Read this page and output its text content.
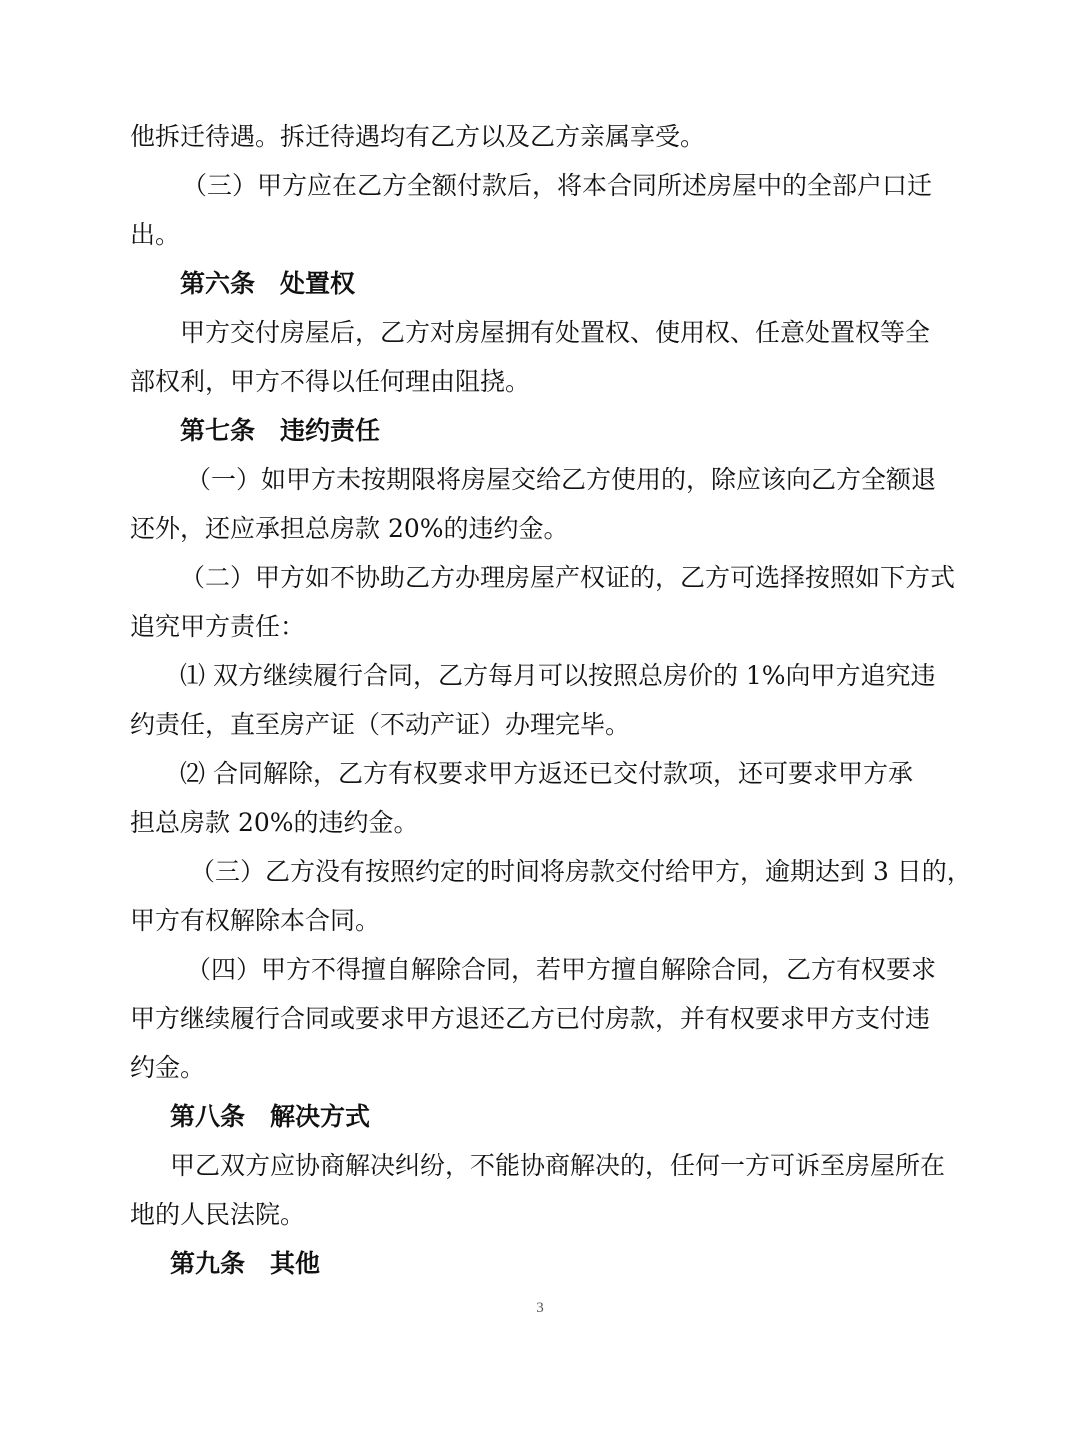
他拆迁待遇。拆迁待遇均有乙方以及乙方亲属享受。
（三）甲方应在乙方全额付款后，将本合同所述房屋中的全部户口迁
出。
第六条　处置权
甲方交付房屋后，乙方对房屋拥有处置权、使用权、任意处置权等全
部权利，甲方不得以任何理由阻挠。
第七条　违约责任
（一）如甲方未按期限将房屋交给乙方使用的，除应该向乙方全额退
还外，还应承担总房款 20%的违约金。
（二）甲方如不协助乙方办理房屋产权证的，乙方可选择按照如下方式
追究甲方责任：
⑴ 双方继续履行合同，乙方每月可以按照总房价的 1%向甲方追究违
约责任，直至房产证（不动产证）办理完毕。
⑵ 合同解除，乙方有权要求甲方返还已交付款项，还可要求甲方承
担总房款 20%的违约金。
（三）乙方没有按照约定的时间将房款交付给甲方，逾期达到 3 日的，
甲方有权解除本合同。
（四）甲方不得擅自解除合同，若甲方擅自解除合同，乙方有权要求
甲方继续履行合同或要求甲方退还乙方已付房款，并有权要求甲方支付违
约金。
第八条　解决方式
甲乙双方应协商解决纠纷，不能协商解决的，任何一方可诉至房屋所在
地的人民法院。
第九条　其他
3
